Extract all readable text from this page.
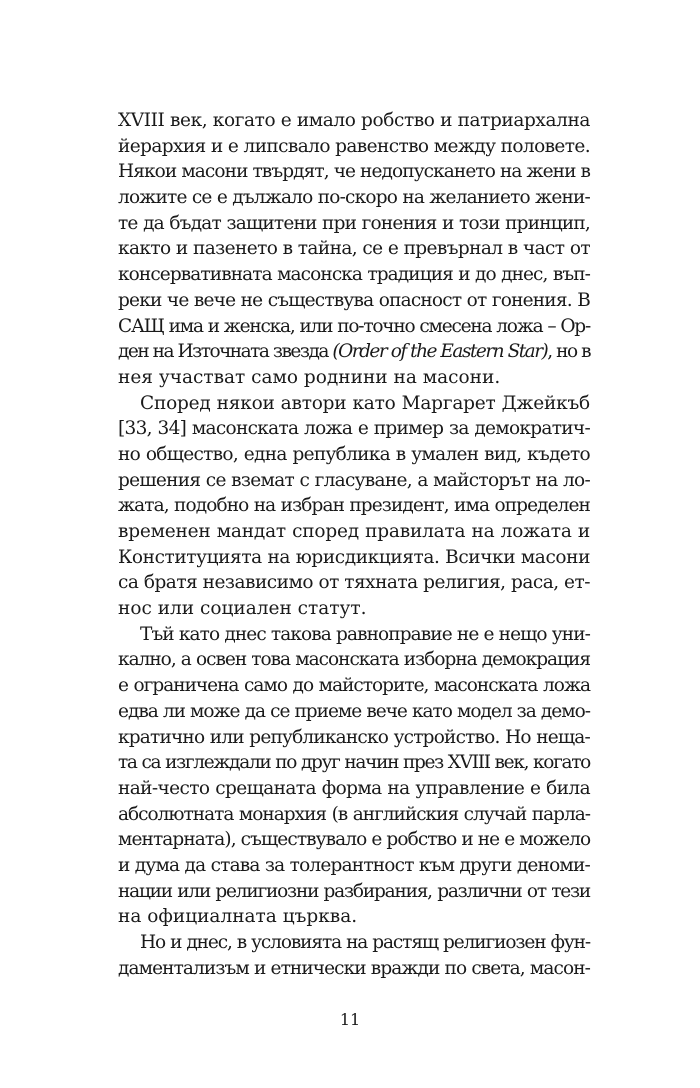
XVIII век, когато е имало робство и патриархална
йерархия и е липсвало равенство между половете.
Някои масони твърдят, че недопускането на жени в
ложите се е дължало по-скоро на желанието жени-
те да бъдат защитени при гонения и този принцип,
както и пазенето в тайна, се е превърнал в част от
консервативната масонска традиция и до днес, въп-
реки че вече не съществува опасност от гонения. В
САЩ има и женска, или по-точно смесена ложа – Ор-
ден на Източната звезда (Order of the Eastern Star), но в
нея участват само роднини на масони.
Според някои автори като Маргарет Джейкъб
[33, 34] масонската ложа е пример за демократич-
но общество, една република в умален вид, където
решения се вземат с гласуване, а майсторът на ло-
жата, подобно на избран президент, има определен
временен мандат според правилата на ложата и
Конституцията на юрисдикцията. Всички масони
са братя независимо от тяхната религия, раса, ет-
нос или социален статут.
Тъй като днес такова равноправие не е нещо уни-
кално, а освен това масонската изборна демокрация
е ограничена само до майсторите, масонската ложа
едва ли може да се приеме вече като модел за демо-
кратично или републиканско устройство. Но неща-
та са изглеждали по друг начин през XVIII век, когато
най-често срещаната форма на управление е била
абсолютната монархия (в английския случай парла-
ментарната), съществувало е робство и не е можело
и дума да става за толерантност към други деноми-
нации или религиозни разбирания, различни от тези
на официалната църква.
Но и днес, в условията на растящ религиозен фун-
даментализъм и етнически вражди по света, масон-
11
